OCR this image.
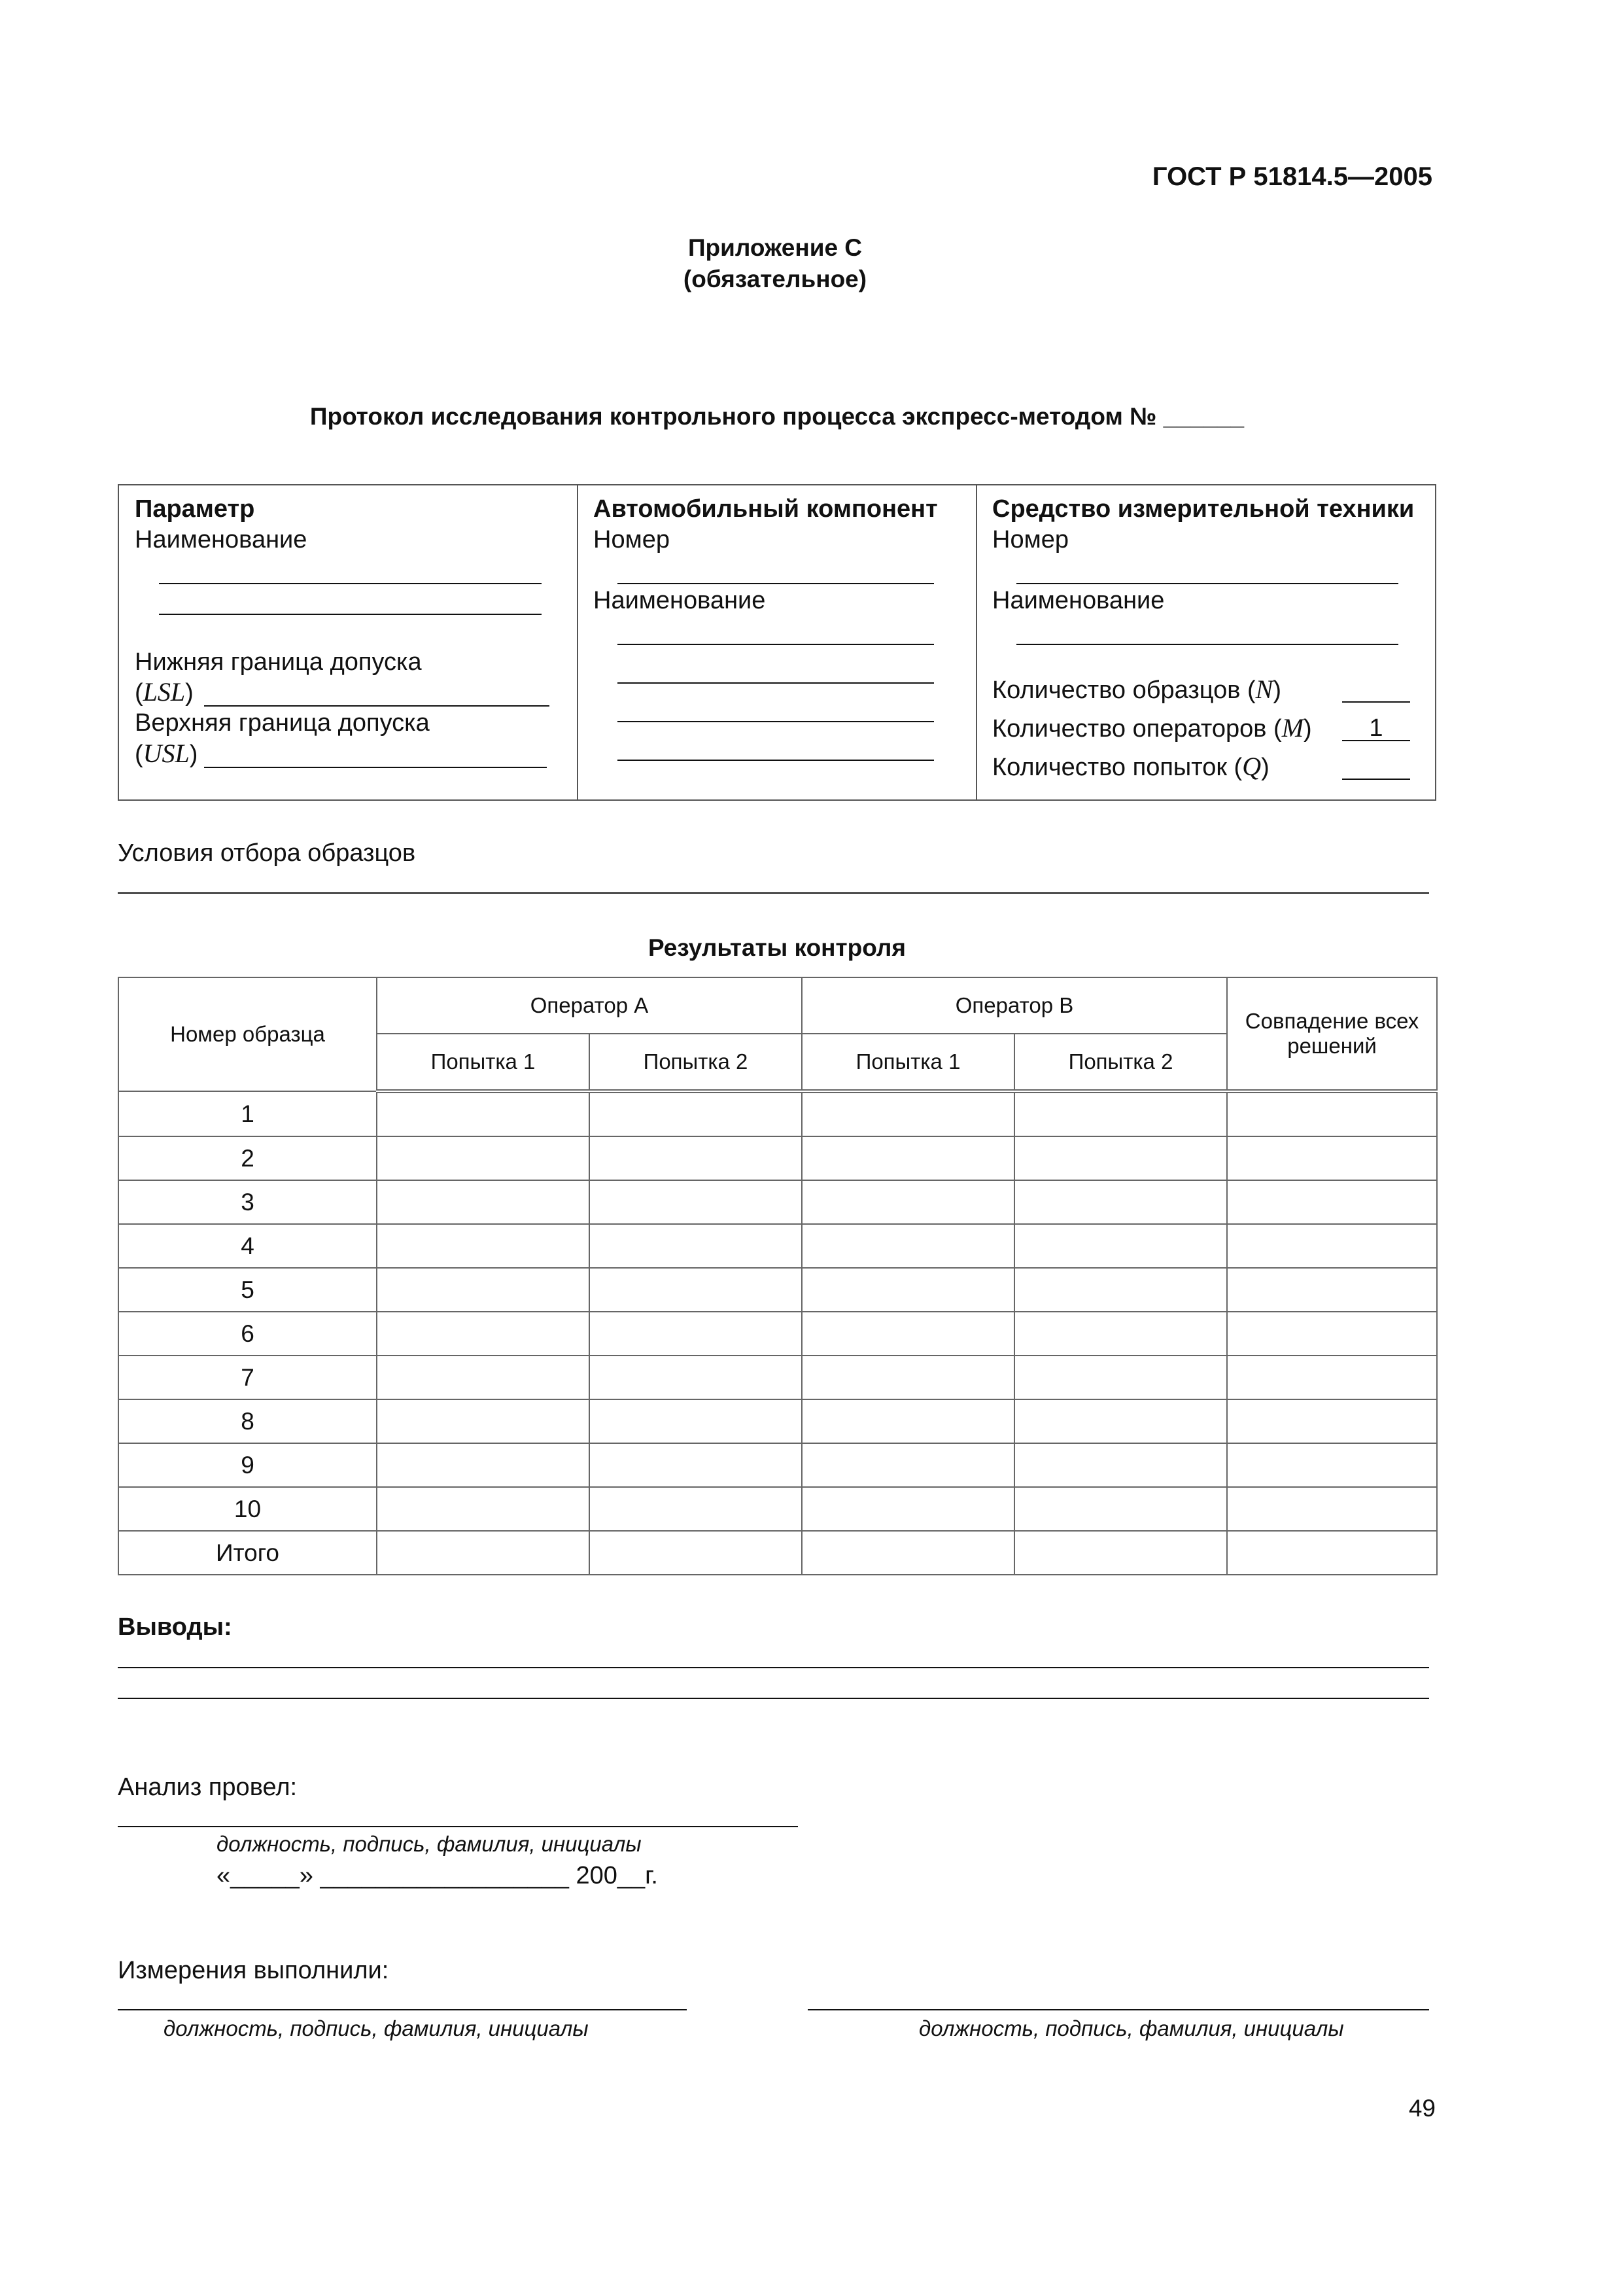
ГОСТ Р 51814.5—2005
Приложение С
(обязательное)
Протокол исследования контрольного процесса экспресс-методом № ______
Параметр
Наименование
Нижняя граница допуска
(LSL)
Верхняя граница допуска
(USL)
Автомобильный компонент
Номер
Наименование
Средство измерительной техники
Номер
Наименование
Количество образцов (N)
Количество операторов (M)	1
Количество попыток (Q)
Условия отбора образцов
Результаты контроля
Номер образца	Оператор A		Оператор B		Совпадение всех решений
	Попытка 1	Попытка 2	Попытка 1	Попытка 2	
1					
2					
3					
4					
5					
6					
7					
8					
9					
10					
Итого					
Выводы:
Анализ провел:
должность, подпись, фамилия, инициалы
«_____» __________________ 200__г.
Измерения выполнили:
должность, подпись, фамилия, инициалы	должность, подпись, фамилия, инициалы
49
